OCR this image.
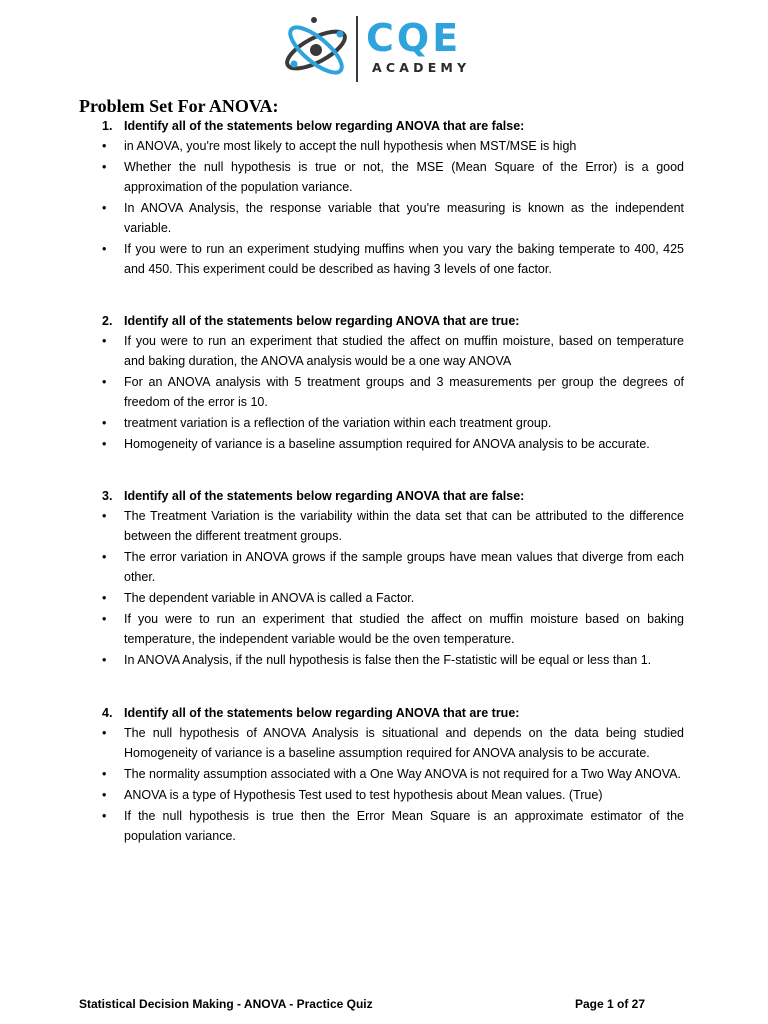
CQE
ACADEMY
Problem Set For ANOVA:
1. Identify all of the statements below regarding ANOVA that are false:
• in ANOVA, you're most likely to accept the null hypothesis when MST/MSE is high
• Whether the null hypothesis is true or not, the MSE (Mean Square of the Error) is a good approximation of the population variance.
• In ANOVA Analysis, the response variable that you're measuring is known as the independent variable.
• If you were to run an experiment studying muffins when you vary the baking temperate to 400, 425 and 450. This experiment could be described as having 3 levels of one factor.
2. Identify all of the statements below regarding ANOVA that are true:
• If you were to run an experiment that studied the affect on muffin moisture, based on temperature and baking duration, the ANOVA analysis would be a one way ANOVA
• For an ANOVA analysis with 5 treatment groups and 3 measurements per group the degrees of freedom of the error is 10.
• treatment variation is a reflection of the variation within each treatment group.
• Homogeneity of variance is a baseline assumption required for ANOVA analysis to be accurate.
3. Identify all of the statements below regarding ANOVA that are false:
• The Treatment Variation is the variability within the data set that can be attributed to the difference between the different treatment groups.
• The error variation in ANOVA grows if the sample groups have mean values that diverge from each other.
• The dependent variable in ANOVA is called a Factor.
• If you were to run an experiment that studied the affect on muffin moisture based on baking temperature, the independent variable would be the oven temperature.
• In ANOVA Analysis, if the null hypothesis is false then the F-statistic will be equal or less than 1.
4. Identify all of the statements below regarding ANOVA that are true:
• The null hypothesis of ANOVA Analysis is situational and depends on the data being studied Homogeneity of variance is a baseline assumption required for ANOVA analysis to be accurate.
• The normality assumption associated with a One Way ANOVA is not required for a Two Way ANOVA.
• ANOVA is a type of Hypothesis Test used to test hypothesis about Mean values. (True)
• If the null hypothesis is true then the Error Mean Square is an approximate estimator of the population variance.
Statistical Decision Making - ANOVA - Practice Quiz	Page 1 of 27
